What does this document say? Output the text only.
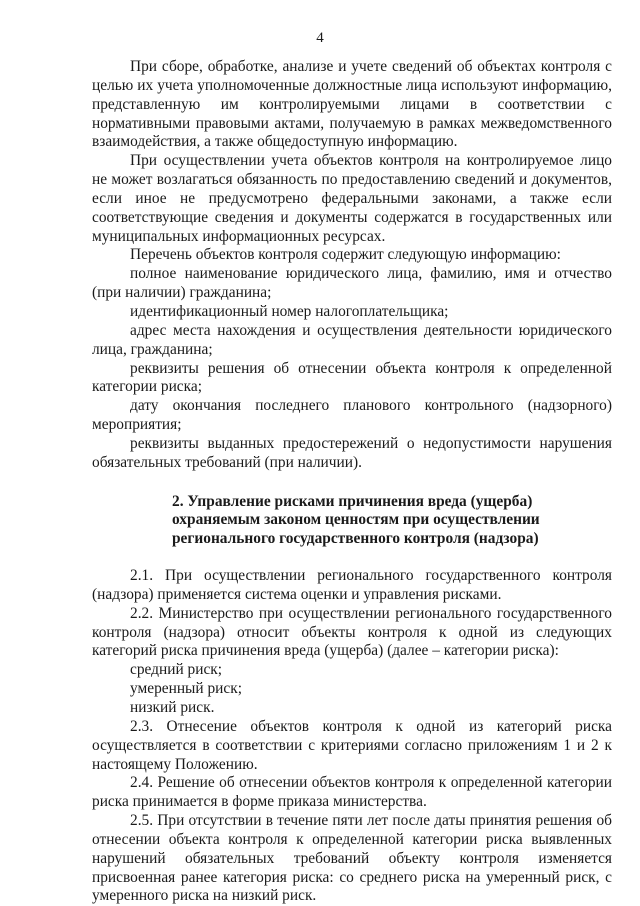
4

При сборе, обработке, анализе и учете сведений об объектах контроля с целью их учета уполномоченные должностные лица используют информацию, представленную им контролируемыми лицами в соответствии с нормативными правовыми актами, получаемую в рамках межведомственного взаимодействия, а также общедоступную информацию.

При осуществлении учета объектов контроля на контролируемое лицо не может возлагаться обязанность по предоставлению сведений и документов, если иное не предусмотрено федеральными законами, а также если соответствующие сведения и документы содержатся в государственных или муниципальных информационных ресурсах.

Перечень объектов контроля содержит следующую информацию:

полное наименование юридического лица, фамилию, имя и отчество (при наличии) гражданина;

идентификационный номер налогоплательщика;

адрес места нахождения и осуществления деятельности юридического лица, гражданина;

реквизиты решения об отнесении объекта контроля к определенной категории риска;

дату окончания последнего планового контрольного (надзорного) мероприятия;

реквизиты выданных предостережений о недопустимости нарушения обязательных требований (при наличии).

2. Управление рисками причинения вреда (ущерба)
охраняемым законом ценностям при осуществлении
регионального государственного контроля (надзора)

2.1. При осуществлении регионального государственного контроля (надзора) применяется система оценки и управления рисками.

2.2. Министерство при осуществлении регионального государственного контроля (надзора) относит объекты контроля к одной из следующих категорий риска причинения вреда (ущерба) (далее – категории риска):

средний риск;

умеренный риск;

низкий риск.

2.3. Отнесение объектов контроля к одной из категорий риска осуществляется в соответствии с критериями согласно приложениям 1 и 2 к настоящему Положению.

2.4. Решение об отнесении объектов контроля к определенной категории риска принимается в форме приказа министерства.

2.5. При отсутствии в течение пяти лет после даты принятия решения об отнесении объекта контроля к определенной категории риска выявленных нарушений обязательных требований объекту контроля изменяется присвоенная ранее категория риска: со среднего риска на умеренный риск, с умеренного риска на низкий риск.
